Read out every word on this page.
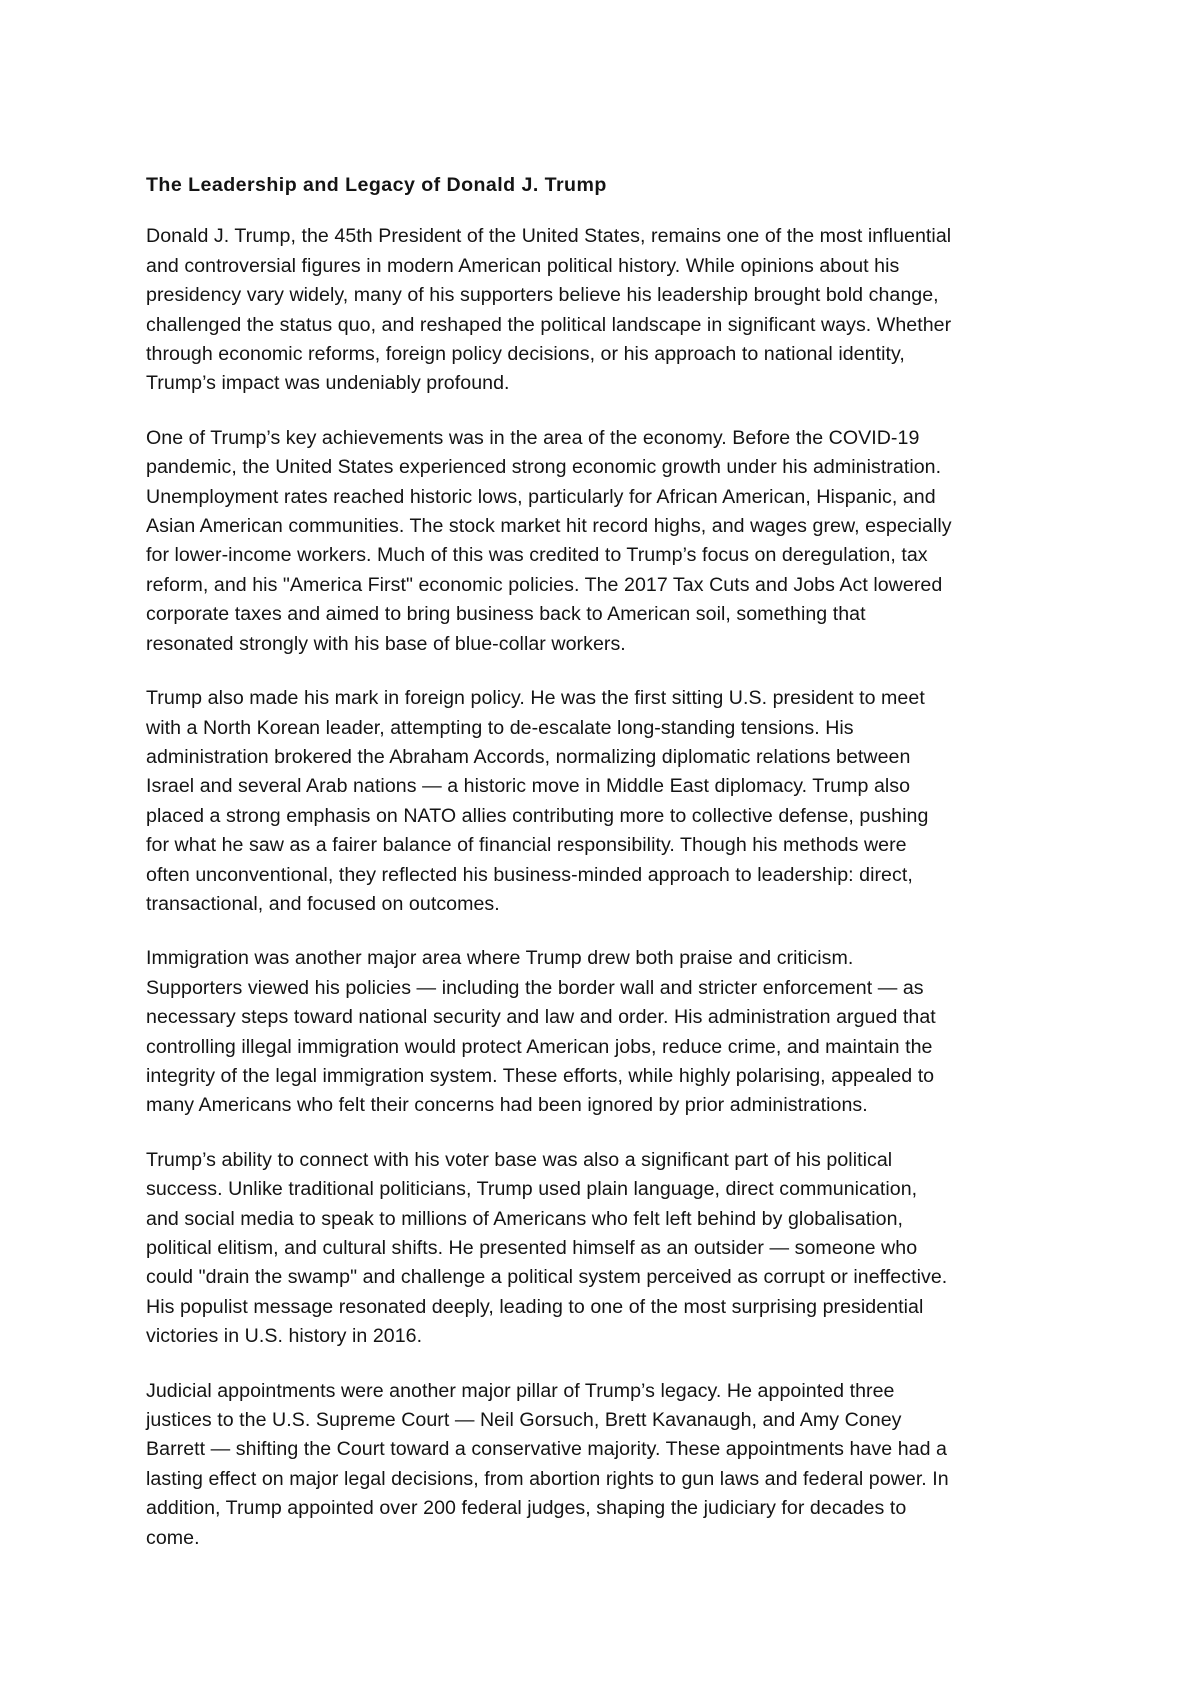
The Leadership and Legacy of Donald J. Trump

Donald J. Trump, the 45th President of the United States, remains one of the most influential
and controversial figures in modern American political history. While opinions about his
presidency vary widely, many of his supporters believe his leadership brought bold change,
challenged the status quo, and reshaped the political landscape in significant ways. Whether
through economic reforms, foreign policy decisions, or his approach to national identity,
Trump’s impact was undeniably profound.

One of Trump’s key achievements was in the area of the economy. Before the COVID-19
pandemic, the United States experienced strong economic growth under his administration.
Unemployment rates reached historic lows, particularly for African American, Hispanic, and
Asian American communities. The stock market hit record highs, and wages grew, especially
for lower-income workers. Much of this was credited to Trump’s focus on deregulation, tax
reform, and his "America First" economic policies. The 2017 Tax Cuts and Jobs Act lowered
corporate taxes and aimed to bring business back to American soil, something that
resonated strongly with his base of blue-collar workers.

Trump also made his mark in foreign policy. He was the first sitting U.S. president to meet
with a North Korean leader, attempting to de-escalate long-standing tensions. His
administration brokered the Abraham Accords, normalizing diplomatic relations between
Israel and several Arab nations — a historic move in Middle East diplomacy. Trump also
placed a strong emphasis on NATO allies contributing more to collective defense, pushing
for what he saw as a fairer balance of financial responsibility. Though his methods were
often unconventional, they reflected his business-minded approach to leadership: direct,
transactional, and focused on outcomes.

Immigration was another major area where Trump drew both praise and criticism.
Supporters viewed his policies — including the border wall and stricter enforcement — as
necessary steps toward national security and law and order. His administration argued that
controlling illegal immigration would protect American jobs, reduce crime, and maintain the
integrity of the legal immigration system. These efforts, while highly polarising, appealed to
many Americans who felt their concerns had been ignored by prior administrations.

Trump’s ability to connect with his voter base was also a significant part of his political
success. Unlike traditional politicians, Trump used plain language, direct communication,
and social media to speak to millions of Americans who felt left behind by globalisation,
political elitism, and cultural shifts. He presented himself as an outsider — someone who
could "drain the swamp" and challenge a political system perceived as corrupt or ineffective.
His populist message resonated deeply, leading to one of the most surprising presidential
victories in U.S. history in 2016.

Judicial appointments were another major pillar of Trump’s legacy. He appointed three
justices to the U.S. Supreme Court — Neil Gorsuch, Brett Kavanaugh, and Amy Coney
Barrett — shifting the Court toward a conservative majority. These appointments have had a
lasting effect on major legal decisions, from abortion rights to gun laws and federal power. In
addition, Trump appointed over 200 federal judges, shaping the judiciary for decades to
come.
